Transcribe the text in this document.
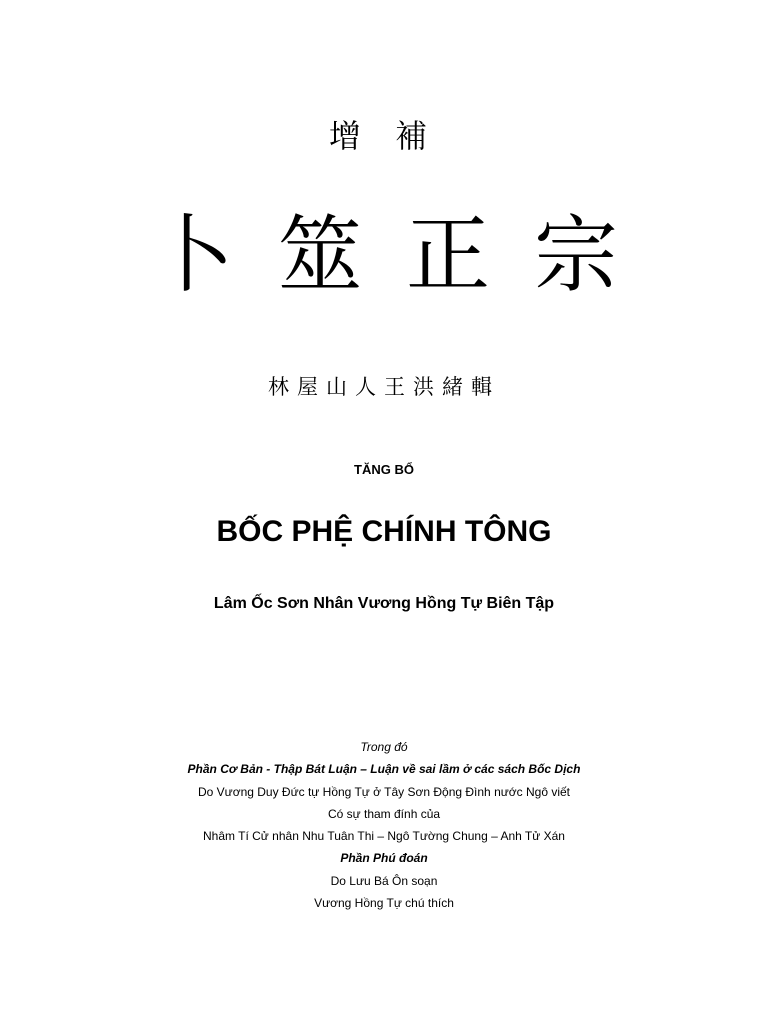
增 補
卜筮正宗
林屋山人王洪緒輯
TĂNG BỔ
BỐC PHỆ CHÍNH TÔNG
Lâm Ốc Sơn Nhân Vương Hồng Tự Biên Tập
Trong đó
Phần Cơ Bản - Thập Bát Luận – Luận về sai lầm ở các sách Bốc Dịch
Do Vương Duy Đức tự Hồng Tự ở Tây Sơn Động Đình nước Ngô viết
Có sự tham đính của
Nhâm Tí Cử nhân Nhu Tuân Thi – Ngô Tường Chung – Anh Tử Xán
Phần Phú đoán
Do Lưu Bá Ôn soạn
Vương Hồng Tự chú thích
